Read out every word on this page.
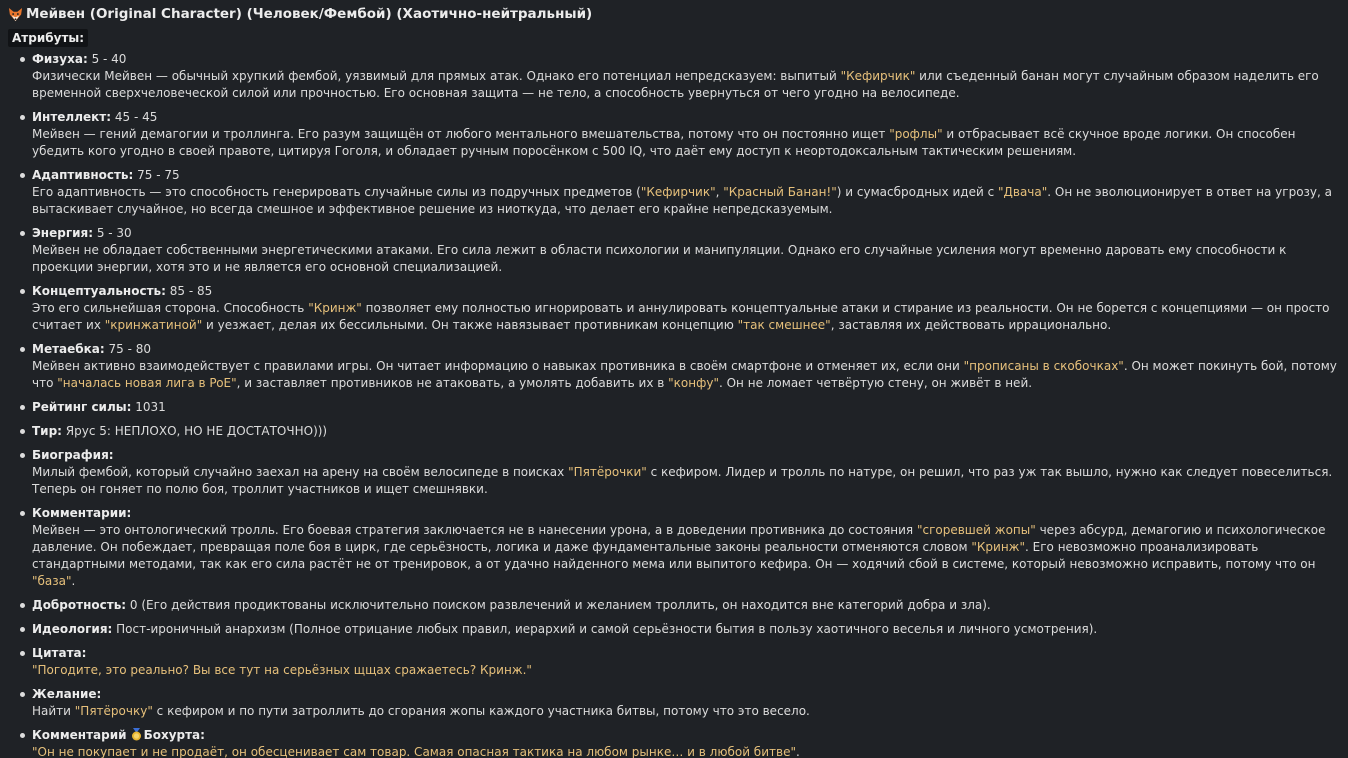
Мейвен (Original Character) (Человек/Фембой) (Хаотично-нейтральный)
Атрибуты:
Физуха: 5 - 40
Физически Мейвен — обычный хрупкий фембой, уязвимый для прямых атак. Однако его потенциал непредсказуем: выпитый "Кефирчик" или съеденный банан могут случайным образом наделить его временной сверхчеловеческой силой или прочностью. Его основная защита — не тело, а способность увернуться от чего угодно на велосипеде.
Интеллект: 45 - 45
Мейвен — гений демагогии и троллинга. Его разум защищён от любого ментального вмешательства, потому что он постоянно ищет "рофлы" и отбрасывает всё скучное вроде логики. Он способен убедить кого угодно в своей правоте, цитируя Гоголя, и обладает ручным поросёнком с 500 IQ, что даёт ему доступ к неортодоксальным тактическим решениям.
Адаптивность: 75 - 75
Его адаптивность — это способность генерировать случайные силы из подручных предметов ("Кефирчик", "Красный Банан!") и сумасбродных идей с "Двача". Он не эволюционирует в ответ на угрозу, а вытаскивает случайное, но всегда смешное и эффективное решение из ниоткуда, что делает его крайне непредсказуемым.
Энергия: 5 - 30
Мейвен не обладает собственными энергетическими атаками. Его сила лежит в области психологии и манипуляции. Однако его случайные усиления могут временно даровать ему способности к проекции энергии, хотя это и не является его основной специализацией.
Концептуальность: 85 - 85
Это его сильнейшая сторона. Способность "Кринж" позволяет ему полностью игнорировать и аннулировать концептуальные атаки и стирание из реальности. Он не борется с концепциями — он просто считает их "кринжатиной" и уезжает, делая их бессильными. Он также навязывает противникам концепцию "так смешнее", заставляя их действовать иррационально.
Метаебка: 75 - 80
Мейвен активно взаимодействует с правилами игры. Он читает информацию о навыках противника в своём смартфоне и отменяет их, если они "прописаны в скобочках". Он может покинуть бой, потому что "началась новая лига в PoE", и заставляет противников не атаковать, а умолять добавить их в "конфу". Он не ломает четвёртую стену, он живёт в ней.
Рейтинг силы: 1031
Тир: Ярус 5: НЕПЛОХО, НО НЕ ДОСТАТОЧНО)))
Биография:
Милый фембой, который случайно заехал на арену на своём велосипеде в поисках "Пятёрочки" с кефиром. Лидер и тролль по натуре, он решил, что раз уж так вышло, нужно как следует повеселиться. Теперь он гоняет по полю боя, троллит участников и ищет смешнявки.
Комментарии:
Мейвен — это онтологический тролль. Его боевая стратегия заключается не в нанесении урона, а в доведении противника до состояния "сгоревшей жопы" через абсурд, демагогию и психологическое давление. Он побеждает, превращая поле боя в цирк, где серьёзность, логика и даже фундаментальные законы реальности отменяются словом "Кринж". Его невозможно проанализировать стандартными методами, так как его сила растёт не от тренировок, а от удачно найденного мема или выпитого кефира. Он — ходячий сбой в системе, который невозможно исправить, потому что он "база".
Добротность: 0 (Его действия продиктованы исключительно поиском развлечений и желанием троллить, он находится вне категорий добра и зла).
Идеология: Пост-ироничный анархизм (Полное отрицание любых правил, иерархий и самой серьёзности бытия в пользу хаотичного веселья и личного усмотрения).
Цитата:
"Погодите, это реально? Вы все тут на серьёзных щщах сражаетесь? Кринж."
Желание:
Найти "Пятёрочку" с кефиром и по пути затроллить до сгорания жопы каждого участника битвы, потому что это весело.
Комментарий Бохурта:
"Он не покупает и не продаёт, он обесценивает сам товар. Самая опасная тактика на любом рынке… и в любой битве".
